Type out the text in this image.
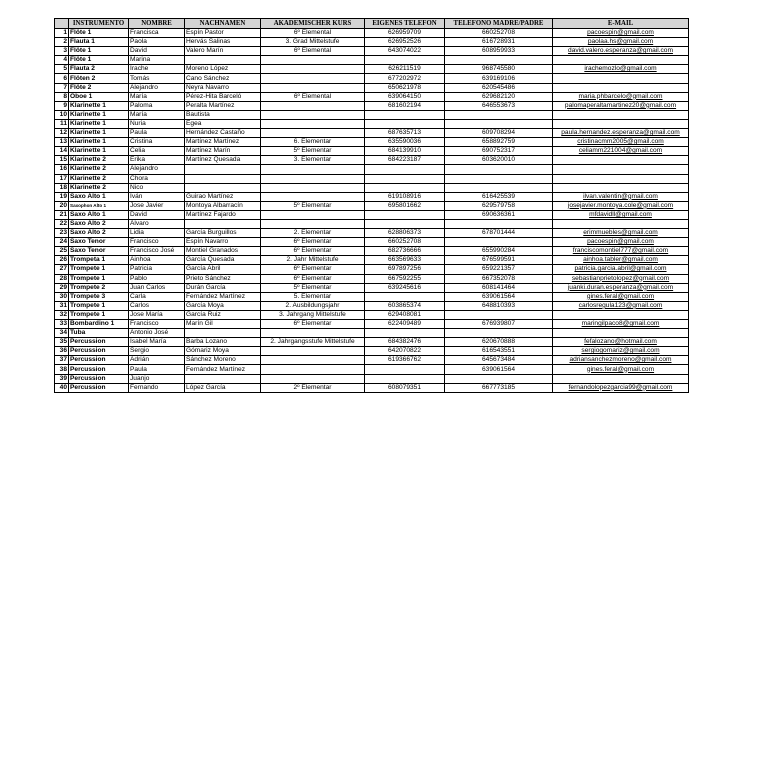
	INSTRUMENTO	NOMBRE	NACHNAMEN	AKADEMISCHER KURS	EIGENES TELEFON	TELEFONO MADRE/PADRE	E-MAIL
1	Flöte 1	Francisca	Espín Pastor	6º Elemental	626959709	660252708	pacoespin@gmail.com
2	Flauta 1	Paola	Hervás Salinas	3. Grad Mittelstufe	626952526	616728931	paolaa.hs@gmail.com
3	Flöte 1	David	Valero Marín	6º Elemental	643074022	608959933	david.valero.esperanza@gmail.com
4	Flöte 1	Marina					
5	Flauta 2	Irache	Moreno López		626211519	968745580	irachemozlo@gmail.com
6	Flöten 2	Tomás	Cano Sánchez		677202972	639169106	
7	Flöte 2	Alejandro	Neyra Navarro		650621978	620545486	
8	Oboe 1	María	Pérez-Hita Barceló	6º Elemental	639064150	629682120	maria.phbarcelo@gmail.com
9	Klarinette 1	Paloma	Peralta Martínez		681602194	646553673	palomaperaltamartinez20@gmail.com
10	Klarinette 1	María	Bautista				
11	Klarinette 1	Nuria	Egea				
12	Klarinette 1	Paula	Hernández Castaño		687635713	609708294	paula.hernandez.esperanza@gmail.com
13	Klarinette 1	Cristina	Martínez Martínez	6. Elementar	635590036	658892759	cristinacmm2005@gmail.com
14	Klarinette 1	Celia	Martínez Marín	5º Elementar	684139910	690752317	celiamm221004@gmail.com
15	Klarinette 2	Erika	Martínez Quesada	3. Elementar	684223187	603620010	
16	Klarinette 2	Alejandro					
17	Klarinette 2	Chora					
18	Klarinette 2	Nico					
19	Saxo Alto 1	Iván	Guirao Martínez		619108916	616425539	ilvan.valentin@gmail.com
20	Saxophon Alto 1	Jose Javier	Montoya Albarracín	5º Elementar	695801662	629579758	josejavier.montoya.cole@gmail.com
21	Saxo Alto 1	David	Martínez Fajardo			690636361	mfdavidll@gmail.com
22	Saxo Alto 2	Álvaro					
23	Saxo Alto 2	Lidia	García Burguillos	2. Elementar	628806373	678701444	erimmuebles@gmail.com
24	Saxo Tenor	Francisco	Espín Navarro	6º Elementar	660252708		pacoespin@gmail.com
25	Saxo Tenor	Francisco José	Montiel Granados	6º Elementar	682736666	655990284	franciscomontiel777@gmail.com
26	Trompeta 1	Ainhoa	García Quesada	2. Jahr Mittelstufe	663569633	676599591	ainhoa.tabler@gmail.com
27	Trompete 1	Patricia	García Abril	6º Elementar	697897256	659221357	patricia.garcia.abril@gmail.com
28	Trompete 1	Pablo	Prieto Sánchez	6º Elementar	667592255	667352078	sebastianprietolopez@gmail.com
29	Trompete 2	Juan Carlos	Durán García	5º Elementar	639245616	608141464	juanki.duran.esperanza@gmail.com
30	Trompete 3	Carla	Fernández Martínez	5. Elementar		639061564	gines.feral@gmail.com
31	Trompete 1	Carlos	García Moya	2. Ausbildungsjahr	603865374	648810393	carlosregula123@gmail.com
32	Trompete 1	Jose María	García Ruiz	3. Jahrgang Mittelstufe	629408081		
33	Bombardino 1	Francisco	Marín Gil	6º Elementar	622409489	676939807	maringilpaco8@gmail.com
34	Tuba	Antonio José					
35	Percussion	Isabel María	Barba Lozano	2. Jahrgangsstufe Mittelstufe	684382476	620670888	fefalozano@hotmail.com
36	Percussion	Sergio	Gómariz Moya		642070822	616543551	sergiogomariz@gmail.com
37	Percussion	Adrián	Sánchez Moreno		619366762	645673484	adriansanchezmoreno@gmail.com
38	Percussion	Paula	Fernández Martínez			639061564	gines.feral@gmail.com
39	Percussion	Juanjo					
40	Percussion	Fernando	López García	2º Elementar	608079351	667773185	fernandolopezgarcia99@gmail.com
